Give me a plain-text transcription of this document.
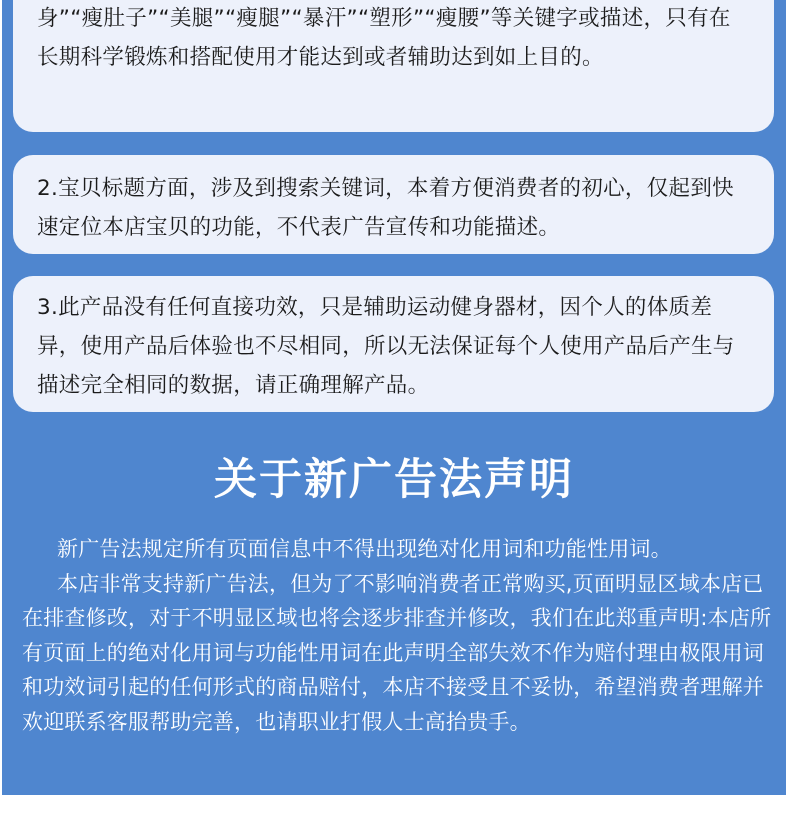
身”“瘦肚子”“美腿”“瘦腿”“暴汗”“塑形”“瘦腰”等关键字或描述，只有在长期科学锻炼和搭配使用才能达到或者辅助达到如上目的。

2.宝贝标题方面，涉及到搜索关键词，本着方便消费者的初心，仅起到快速定位本店宝贝的功能，不代表广告宣传和功能描述。

3.此产品没有任何直接功效，只是辅助运动健身器材，因个人的体质差异，使用产品后体验也不尽相同，所以无法保证每个人使用产品后产生与描述完全相同的数据，请正确理解产品。

关于新广告法声明

新广告法规定所有页面信息中不得出现绝对化用词和功能性用词。

本店非常支持新广告法，但为了不影响消费者正常购买,页面明显区域本店已在排查修改，对于不明显区域也将会逐步排查并修改，我们在此郑重声明:本店所有页面上的绝对化用词与功能性用词在此声明全部失效不作为赔付理由极限用词和功效词引起的任何形式的商品赔付，本店不接受且不妥协，希望消费者理解并欢迎联系客服帮助完善，也请职业打假人士高抬贵手。
